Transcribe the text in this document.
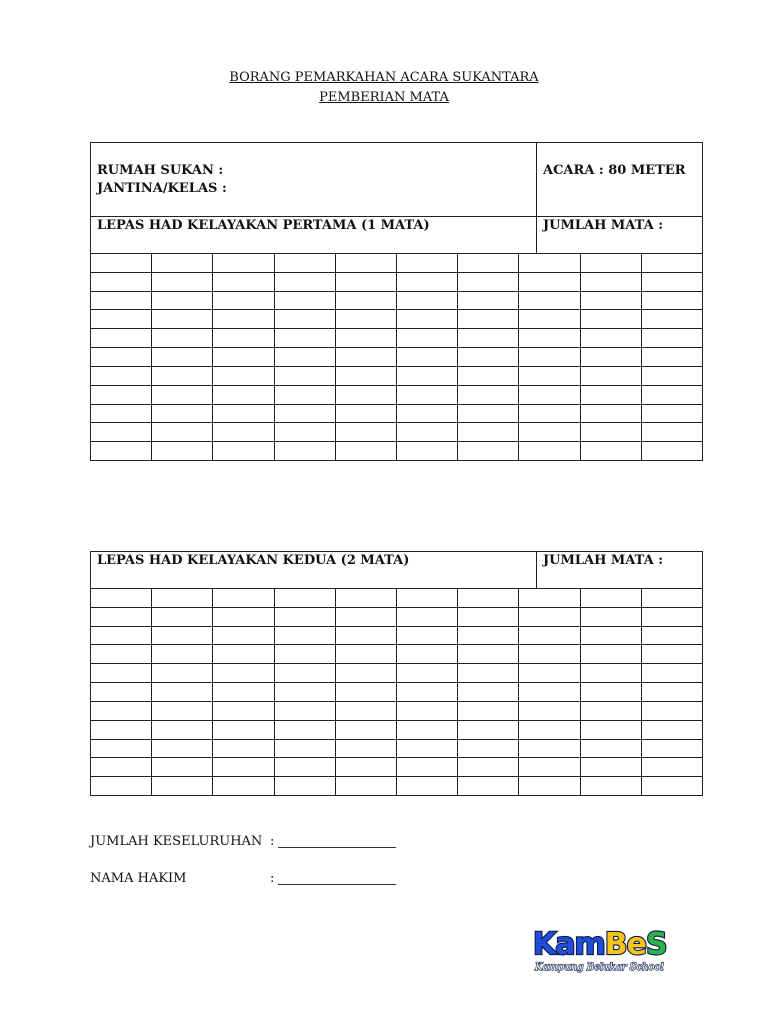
BORANG PEMARKAHAN ACARA SUKANTARA
PEMBERIAN MATA
RUMAH SUKAN :
JANTINA/KELAS :
ACARA : 80 METER
LEPAS HAD KELAYAKAN PERTAMA (1 MATA)	JUMLAH MATA :

LEPAS HAD KELAYAKAN KEDUA (2 MATA)	JUMLAH MATA :

JUMLAH KESELURUHAN :
NAMA HAKIM	:
KamBeS
Kampung Belukar School
